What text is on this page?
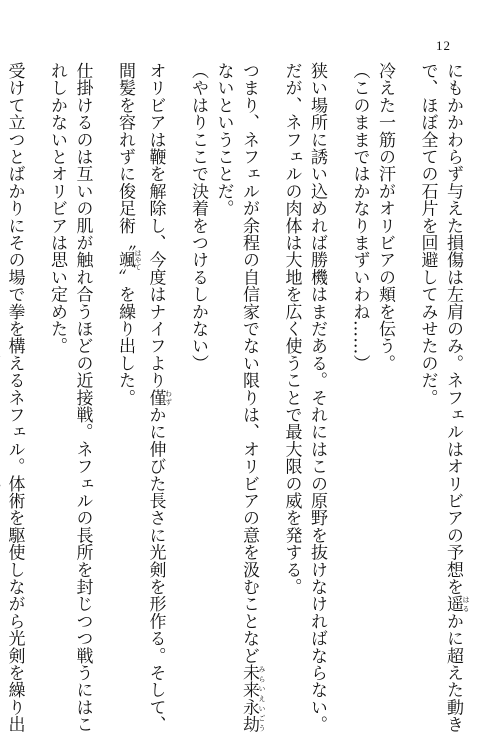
12
にもかかわらず与えた損傷は左肩のみ。ネフェルはオリビアの予想を遥 はるかに超えた動き
で、ほぼ全ての石片を回避してみせたのだ。
冷えた一筋の汗がオリビアの頬を伝う。
（このままではかなりまずいわね……）
狭い場所に誘い込めれば勝機はまだある。それにはこの原野を抜けなければならない。
だが、ネフェルの肉体は大地を広く使うことで最大限の威を発する。
つまり、ネフェルが余程の自信家でない限りは、オリビアの意を汲むことなど未来永劫 みらいえいごう
ないということだ。
（やはりここで決着をつけるしかない）
オリビアは鞭を解除し、今度はナイフより僅 わずかに伸びた長さに光剣を形作る。そして、
間髪を容れずに俊足術〝颯 はやて〟を繰り出した。
仕掛けるのは互いの肌が触れ合うほどの近接戦。ネフェルの長所を封じつつ戦うにはこ
れしかないとオリビアは思い定めた。
受けて立つとばかりにその場で拳を構えるネフェル。体術を駆使しながら光剣を繰り出
